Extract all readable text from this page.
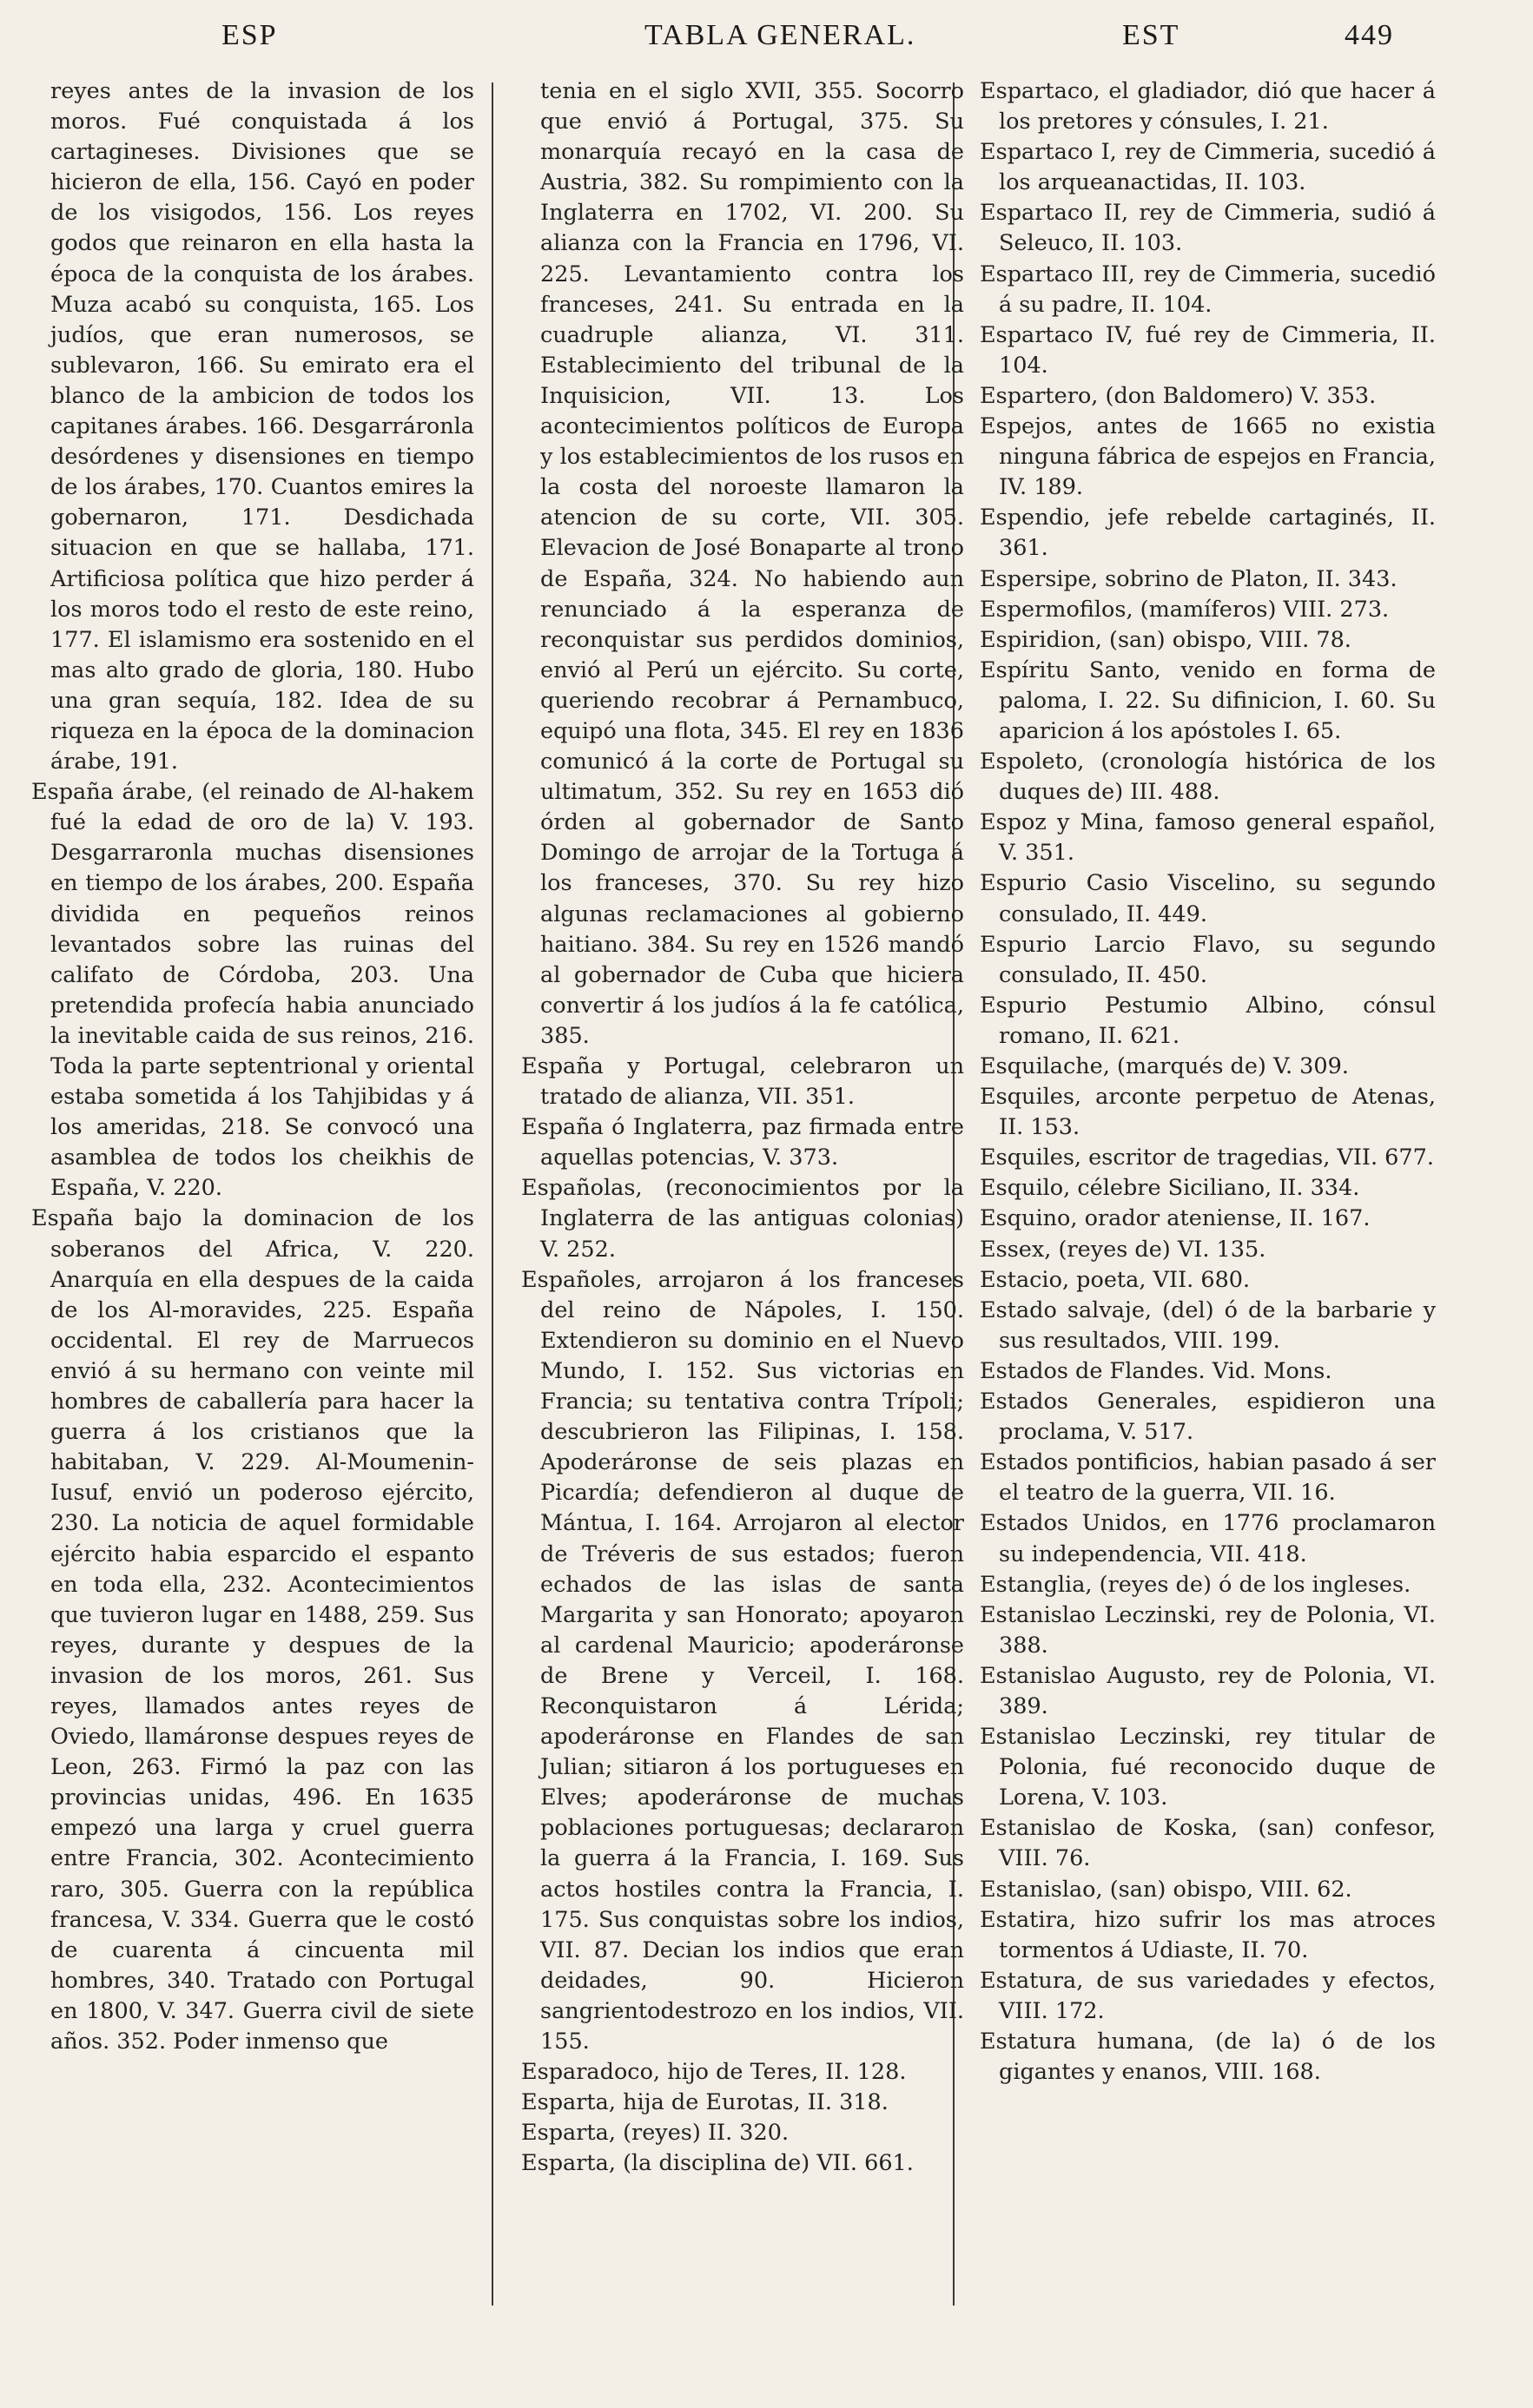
ESP	TABLA GENERAL.	EST	449

reyes antes de la invasion de los moros. Fué conquistada á los cartagineses. Divisiones que se hicieron de ella, 156. Cayó en poder de los visigodos, 156. Los reyes godos que reinaron en ella hasta la época de la conquista de los árabes. Muza acabó su conquista, 165. Los judíos, que eran numerosos, se sublevaron, 166. Su emirato era el blanco de la ambicion de todos los capitanes árabes. 166. Desgarráronla desórdenes y disensiones en tiempo de los árabes, 170. Cuantos emires la gobernaron, 171. Desdichada situacion en que se hallaba, 171. Artificiosa política que hizo perder á los moros todo el resto de este reino, 177. El islamismo era sostenido en el mas alto grado de gloria, 180. Hubo una gran sequía, 182. Idea de su riqueza en la época de la dominacion árabe, 191.

España árabe, (el reinado de Al-hakem fué la edad de oro de la) V. 193. Desgarraronla muchas disensiones en tiempo de los árabes, 200. España dividida en pequeños reinos levantados sobre las ruinas del califato de Córdoba, 203. Una pretendida profecía habia anunciado la inevitable caida de sus reinos, 216. Toda la parte septentrional y oriental estaba sometida á los Tahjibidas y á los ameridas, 218. Se convocó una asamblea de todos los cheikhis de España, V. 220.

España bajo la dominacion de los soberanos del Africa, V. 220. Anarquía en ella despues de la caida de los Al-moravides, 225. España occidental. El rey de Marruecos envió á su hermano con veinte mil hombres de caballería para hacer la guerra á los cristianos que la habitaban, V. 229. Al-Moumenin-Iusuf, envió un poderoso ejército, 230. La noticia de aquel formidable ejército habia esparcido el espanto en toda ella, 232. Acontecimientos que tuvieron lugar en 1488, 259. Sus reyes, durante y despues de la invasion de los moros, 261. Sus reyes, llamados antes reyes de Oviedo, llamáronse despues reyes de Leon, 263. Firmó la paz con las provincias unidas, 496. En 1635 empezó una larga y cruel guerra entre Francia, 302. Acontecimiento raro, 305. Guerra con la república francesa, V. 334. Guerra que le costó de cuarenta á cincuenta mil hombres, 340. Tratado con Portugal en 1800, V. 347. Guerra civil de siete años. 352. Poder inmenso que

tenia en el siglo XVII, 355. Socorro que envió á Portugal, 375. Su monarquía recayó en la casa de Austria, 382. Su rompimiento con la Inglaterra en 1702, VI. 200. Su alianza con la Francia en 1796, VI. 225. Levantamiento contra los franceses, 241. Su entrada en la cuadruple alianza, VI. 311. Establecimiento del tribunal de la Inquisicion, VII. 13. Los acontecimientos políticos de Europa y los establecimientos de los rusos en la costa del noroeste llamaron la atencion de su corte, VII. 305. Elevacion de José Bonaparte al trono de España, 324. No habiendo aun renunciado á la esperanza de reconquistar sus perdidos dominios, envió al Perú un ejército. Su corte, queriendo recobrar á Pernambuco, equipó una flota, 345. El rey en 1836 comunicó á la corte de Portugal su ultimatum, 352. Su rey en 1653 dió órden al gobernador de Santo Domingo de arrojar de la Tortuga á los franceses, 370. Su rey hizo algunas reclamaciones al gobierno haitiano. 384. Su rey en 1526 mandó al gobernador de Cuba que hiciera convertir á los judíos á la fe católica, 385.

España y Portugal, celebraron un tratado de alianza, VII. 351.

España ó Inglaterra, paz firmada entre aquellas potencias, V. 373.

Españolas, (reconocimientos por la Inglaterra de las antiguas colonias) V. 252.

Españoles, arrojaron á los franceses del reino de Nápoles, I. 150. Extendieron su dominio en el Nuevo Mundo, I. 152. Sus victorias en Francia; su tentativa contra Trípoli; descubrieron las Filipinas, I. 158. Apoderáronse de seis plazas en Picardía; defendieron al duque de Mántua, I. 164. Arrojaron al elector de Tréveris de sus estados; fueron echados de las islas de santa Margarita y san Honorato; apoyaron al cardenal Mauricio; apoderáronse de Brene y Verceil, I. 168. Reconquistaron á Lérida; apoderáronse en Flandes de san Julian; sitiaron á los portugueses en Elves; apoderáronse de muchas poblaciones portuguesas; declararon la guerra á la Francia, I. 169. Sus actos hostiles contra la Francia, I. 175. Sus conquistas sobre los indios, VII. 87. Decian los indios que eran deidades, 90. Hicieron sangrientodestrozo en los indios, VII. 155.

Esparadoco, hijo de Teres, II. 128.

Esparta, hija de Eurotas, II. 318.

Esparta, (reyes) II. 320.

Esparta, (la disciplina de) VII. 661.

Espartaco, el gladiador, dió que hacer á los pretores y cónsules, I. 21.

Espartaco I, rey de Cimmeria, sucedió á los arqueanactidas, II. 103.

Espartaco II, rey de Cimmeria, sudió á Seleuco, II. 103.

Espartaco III, rey de Cimmeria, sucedió á su padre, II. 104.

Espartaco IV, fué rey de Cimmeria, II. 104.

Espartero, (don Baldomero) V. 353.

Espejos, antes de 1665 no existia ninguna fábrica de espejos en Francia, IV. 189.

Espendio, jefe rebelde cartaginés, II. 361.

Espersipe, sobrino de Platon, II. 343.

Espermofilos, (mamíferos) VIII. 273.

Espiridion, (san) obispo, VIII. 78.

Espíritu Santo, venido en forma de paloma, I. 22. Su difinicion, I. 60. Su aparicion á los apóstoles I. 65.

Espoleto, (cronología histórica de los duques de) III. 488.

Espoz y Mina, famoso general español, V. 351.

Espurio Casio Viscelino, su segundo consulado, II. 449.

Espurio Larcio Flavo, su segundo consulado, II. 450.

Espurio Pestumio Albino, cónsul romano, II. 621.

Esquilache, (marqués de) V. 309.

Esquiles, arconte perpetuo de Atenas, II. 153.

Esquiles, escritor de tragedias, VII. 677.

Esquilo, célebre Siciliano, II. 334.

Esquino, orador ateniense, II. 167.

Essex, (reyes de) VI. 135.

Estacio, poeta, VII. 680.

Estado salvaje, (del) ó de la barbarie y sus resultados, VIII. 199.

Estados de Flandes. Vid. Mons.

Estados Generales, espidieron una proclama, V. 517.

Estados pontificios, habian pasado á ser el teatro de la guerra, VII. 16.

Estados Unidos, en 1776 proclamaron su independencia, VII. 418.

Estanglia, (reyes de) ó de los ingleses.

Estanislao Leczinski, rey de Polonia, VI. 388.

Estanislao Augusto, rey de Polonia, VI. 389.

Estanislao Leczinski, rey titular de Polonia, fué reconocido duque de Lorena, V. 103.

Estanislao de Koska, (san) confesor, VIII. 76.

Estanislao, (san) obispo, VIII. 62.

Estatira, hizo sufrir los mas atroces tormentos á Udiaste, II. 70.

Estatura, de sus variedades y efectos, VIII. 172.

Estatura humana, (de la) ó de los gigantes y enanos, VIII. 168.
